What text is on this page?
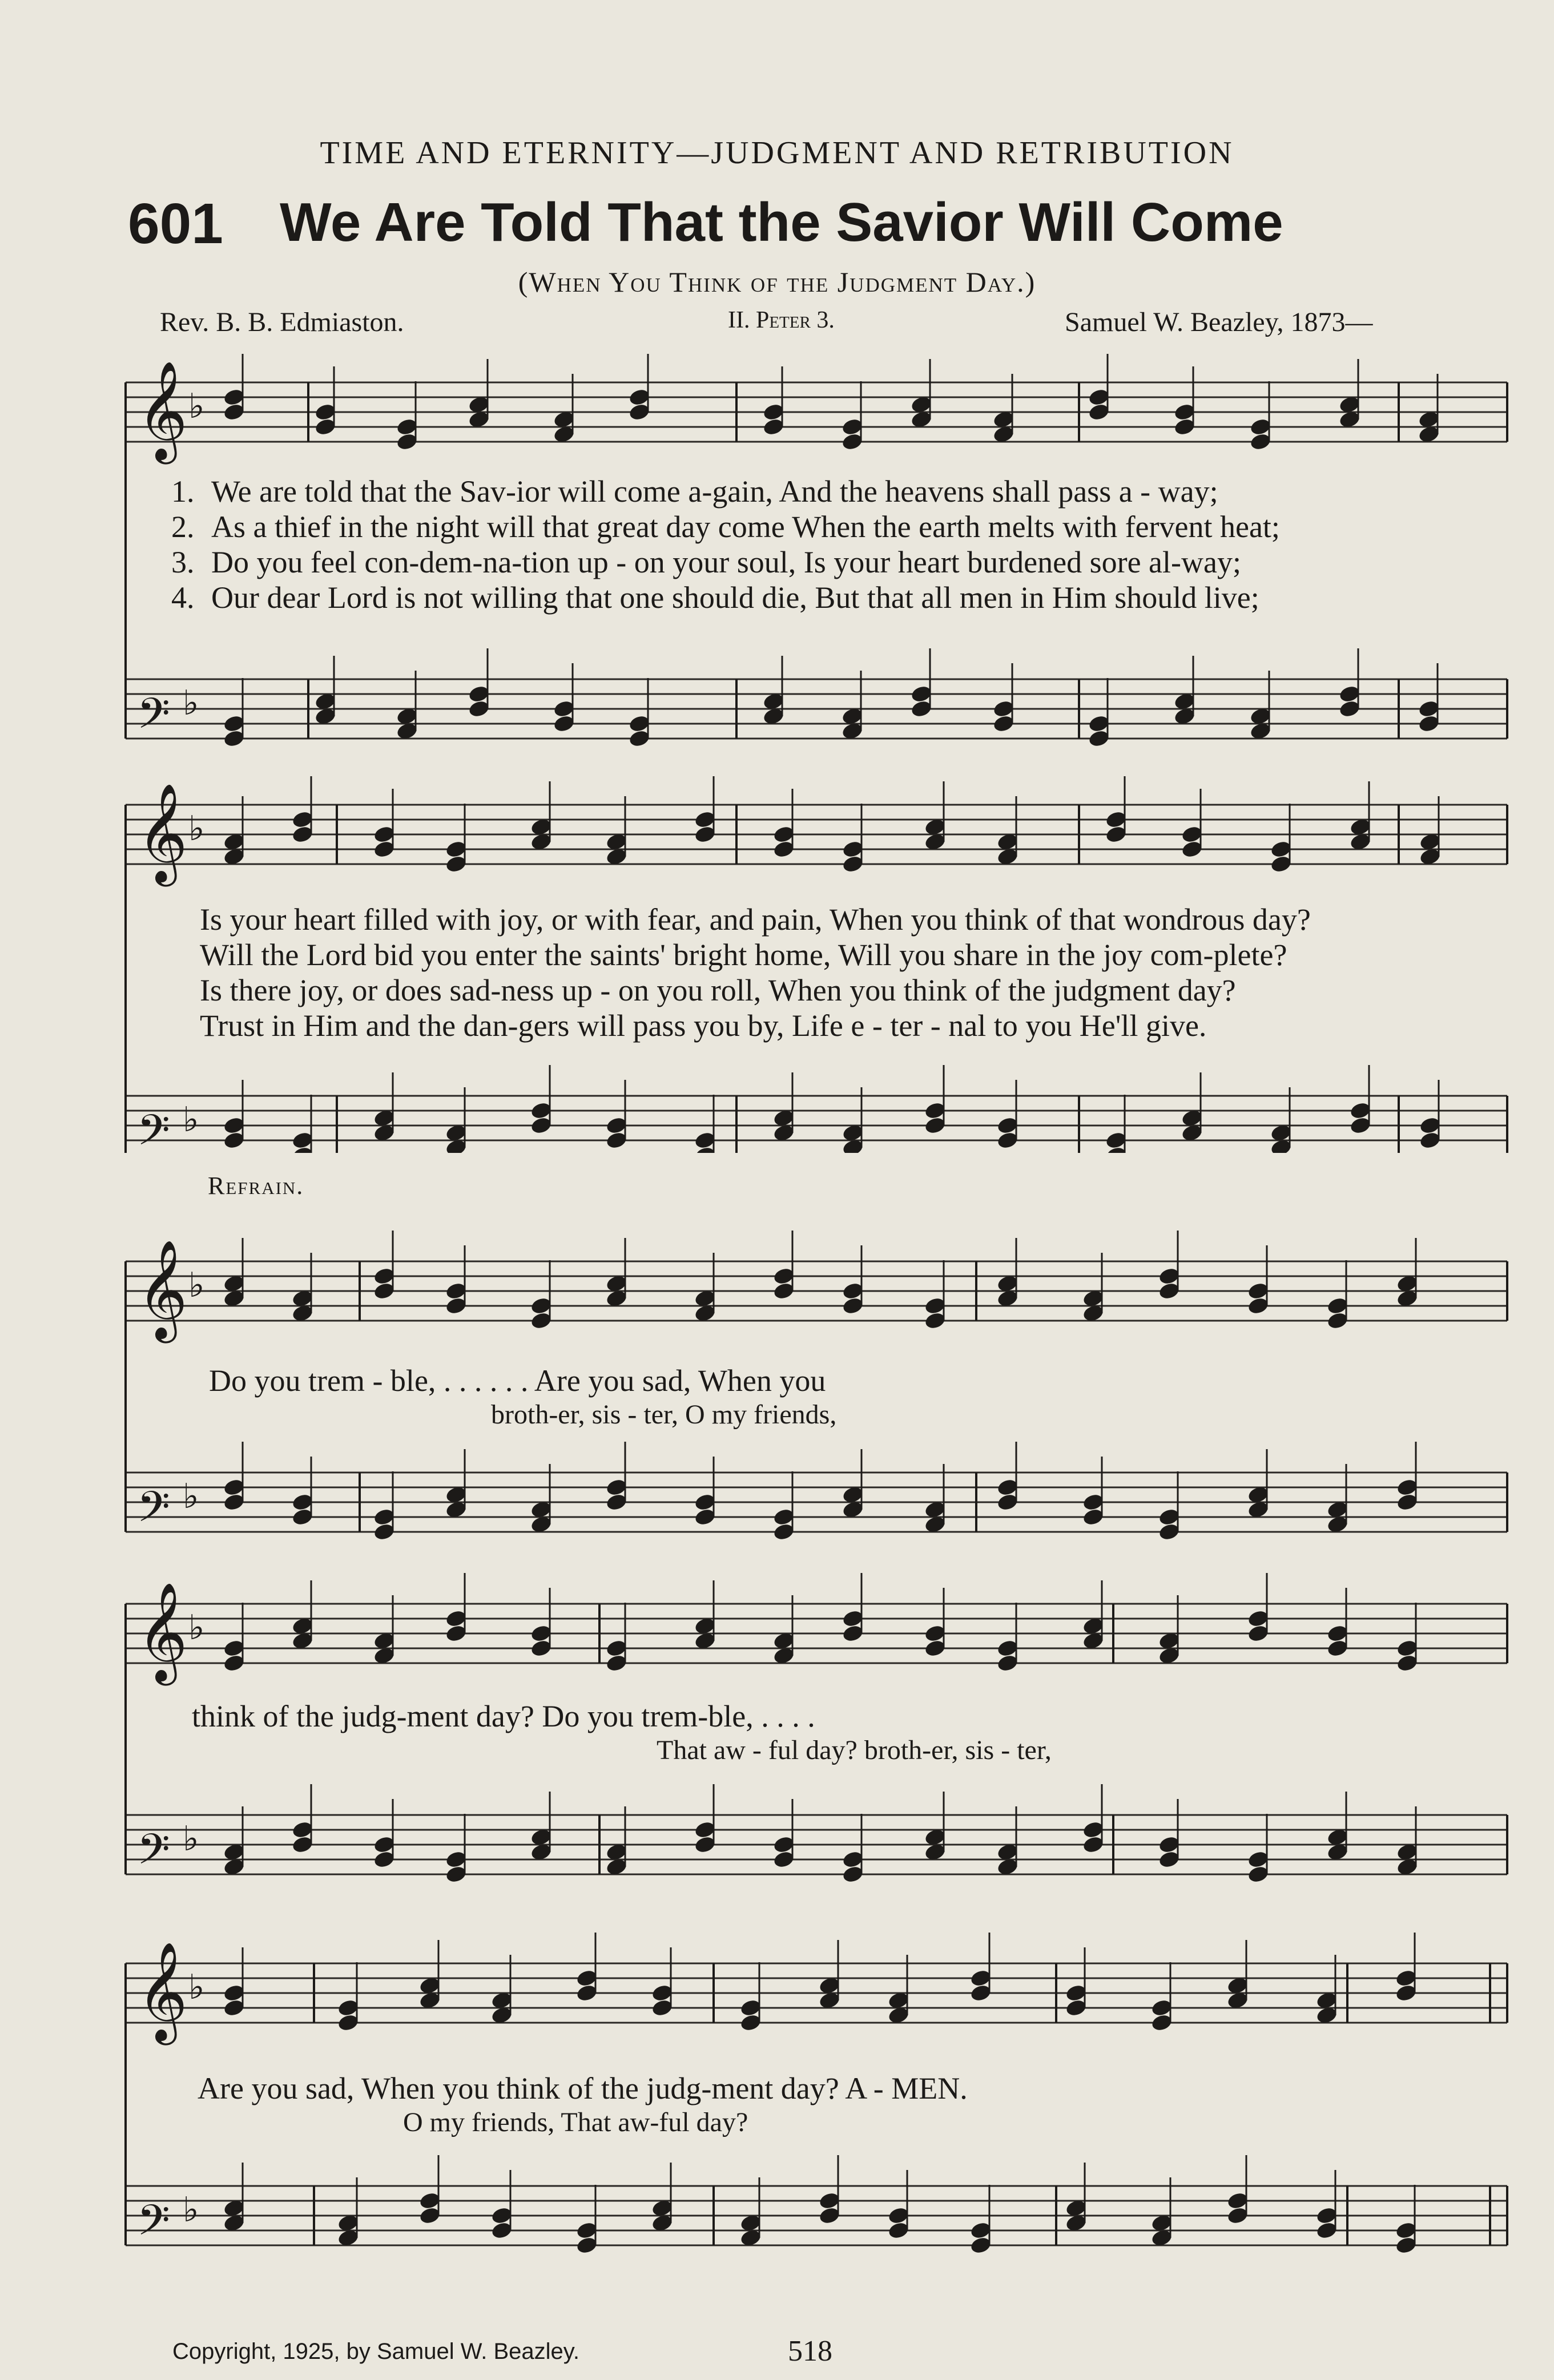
TIME AND ETERNITY—JUDGMENT AND RETRIBUTION
601 We Are Told That the Savior Will Come
(When You Think of the Judgment Day.)
Rev. B. B. Edmiaston.	II. Peter 3.	Samuel W. Beazley, 1873—
𝄞 ♭
𝄢 ♭
1. We are told that the Sav-ior will come a-gain, And the heavens shall pass a - way;
2. As a thief in the night will that great day come When the earth melts with fervent heat;
3. Do you feel con-dem-na-tion up - on your soul, Is your heart burdened sore al-way;
4. Our dear Lord is not willing that one should die, But that all men in Him should live;
𝄞 ♭
𝄢 ♭
Is your heart filled with joy, or with fear, and pain, When you think of that wondrous day?
Will the Lord bid you enter the saints' bright home, Will you share in the joy com-plete?
Is there joy, or does sad-ness up - on you roll, When you think of the judgment day?
Trust in Him and the dan-gers will pass you by, Life e - ter - nal to you He'll give.
Refrain.
𝄞 ♭
𝄢 ♭
Do you trem - ble, . . . . . . Are you sad, When you
broth-er, sis - ter, O my friends,
𝄞 ♭
𝄢 ♭
think of the judg-ment day? Do you trem-ble, . . . .
That aw - ful day? broth-er, sis - ter,
𝄞 ♭
𝄢 ♭
Are you sad, When you think of the judg-ment day? A - MEN.
O my friends, That aw-ful day?
Copyright, 1925, by Samuel W. Beazley.	518
